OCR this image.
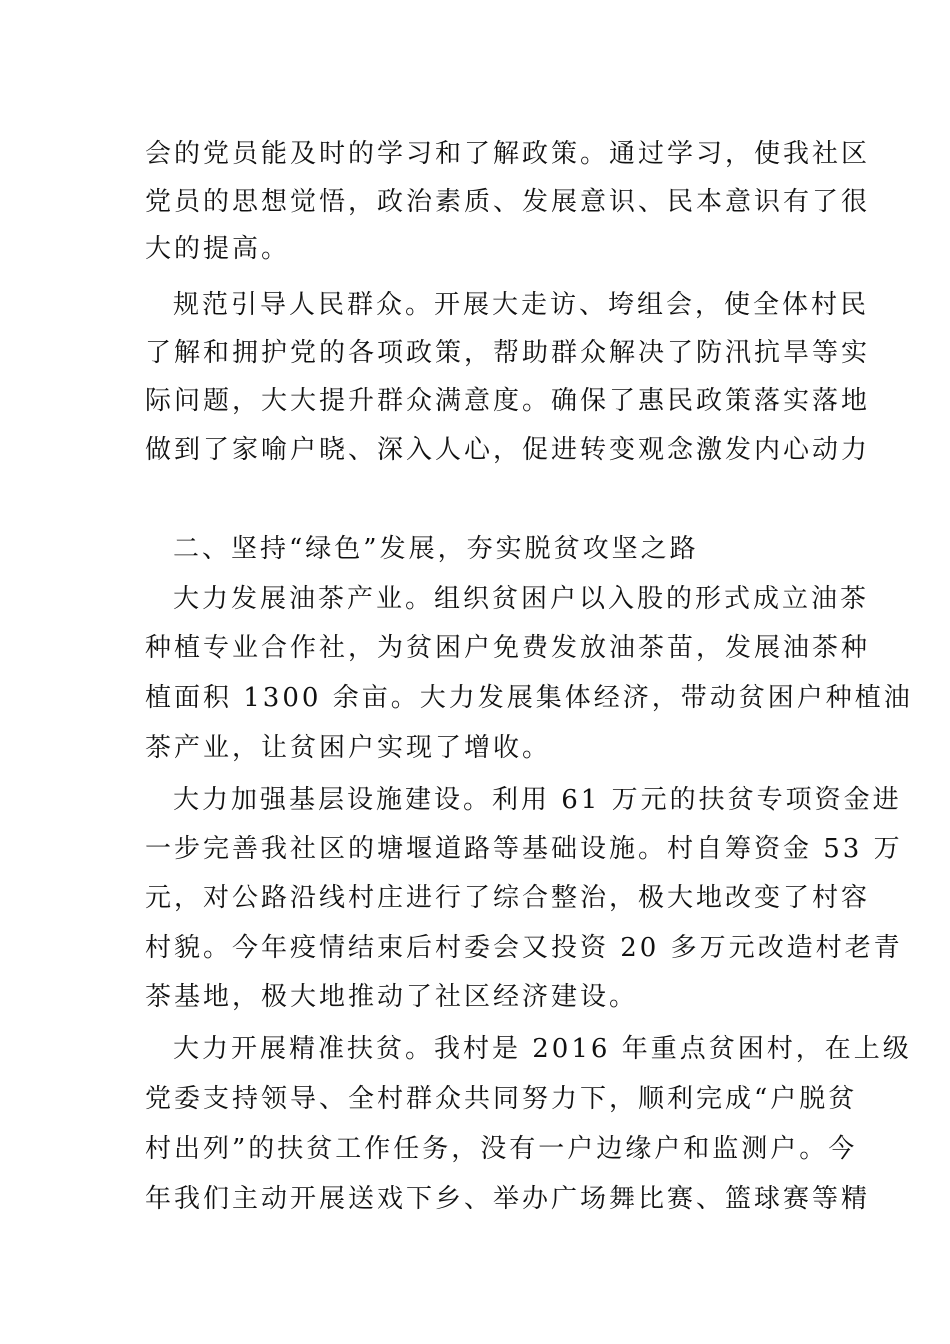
会的党员能及时的学习和了解政策。通过学习，使我社区
党员的思想觉悟，政治素质、发展意识、民本意识有了很
大的提高。
规范引导人民群众。开展大走访、垮组会，使全体村民
了解和拥护党的各项政策，帮助群众解决了防汛抗旱等实
际问题，大大提升群众满意度。确保了惠民政策落实落地
做到了家喻户晓、深入人心，促进转变观念激发内心动力
二、坚持“绿色”发展，夯实脱贫攻坚之路
大力发展油茶产业。组织贫困户以入股的形式成立油茶
种植专业合作社，为贫困户免费发放油茶苗，发展油茶种
植面积 1300 余亩。大力发展集体经济，带动贫困户种植油
茶产业，让贫困户实现了增收。
大力加强基层设施建设。利用 61 万元的扶贫专项资金进
一步完善我社区的塘堰道路等基础设施。村自筹资金 53 万
元，对公路沿线村庄进行了综合整治，极大地改变了村容
村貌。今年疫情结束后村委会又投资 20 多万元改造村老青
茶基地，极大地推动了社区经济建设。
大力开展精准扶贫。我村是 2016 年重点贫困村，在上级
党委支持领导、全村群众共同努力下，顺利完成“户脱贫
村出列”的扶贫工作任务，没有一户边缘户和监测户。今
年我们主动开展送戏下乡、举办广场舞比赛、篮球赛等精
